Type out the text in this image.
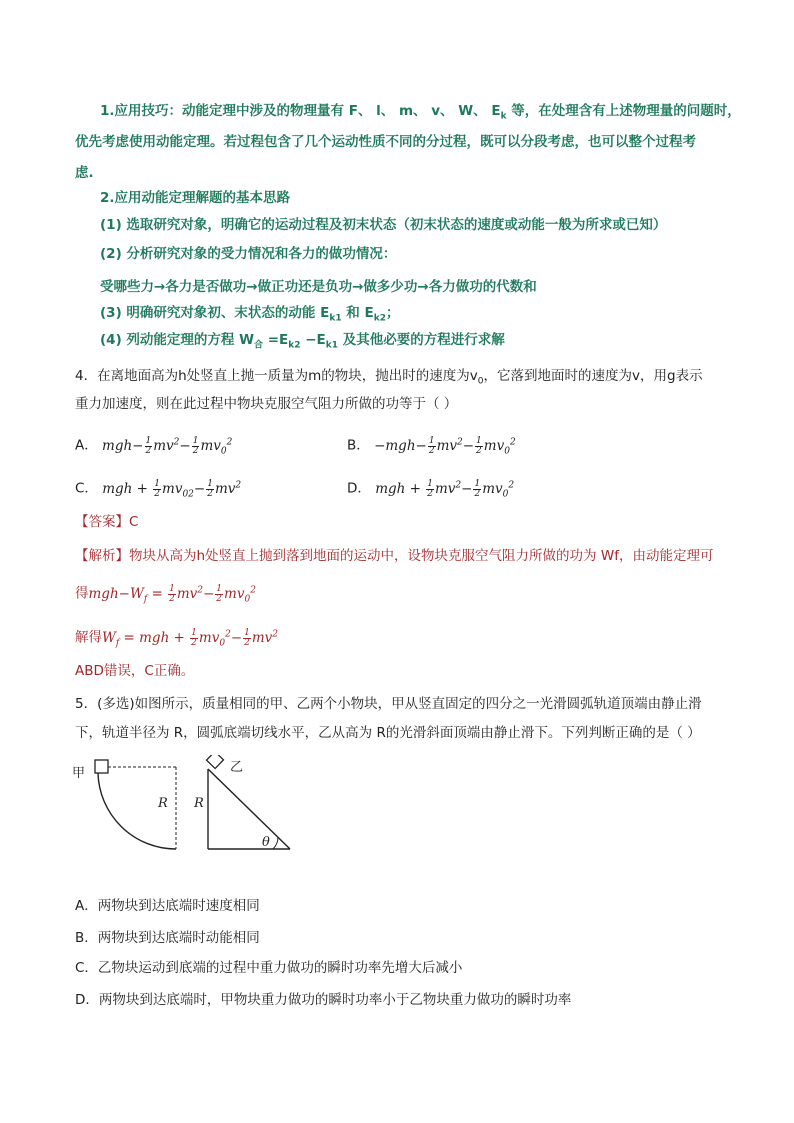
1.应用技巧：动能定理中涉及的物理量有 F、 l、 m、 v、 W、 $E_k$ 等，在处理含有上述物理量的问题时，
优先考虑使用动能定理。若过程包含了几个运动性质不同的分过程，既可以分段考虑，也可以整个过程考
虑.
2.应用动能定理解题的基本思路
(1) 选取研究对象，明确它的运动过程及初末状态（初末状态的速度或动能一般为所求或已知）
(2) 分析研究对象的受力情况和各力的做功情况：
受哪些力→各力是否做功→做正功还是负功→做多少功→各力做功的代数和
(3) 明确研究对象初、末状态的动能 $E_{k1}$ 和 $E_{k2}$；
(4) 列动能定理的方程 $W_合 =E_{k2} -E_{k1}$ 及其他必要的方程进行求解
4．在离地面高为h处竖直上抛一质量为m的物块，抛出时的速度为$v_0$，它落到地面时的速度为v，用g表示
重力加速度，则在此过程中物块克服空气阻力所做的功等于（ ）
A． $mgh- \frac{1}{2} mv^2- \frac{1}{2} mv_0^2$	B． $-mgh- \frac{1}{2} mv^2- \frac{1}{2} mv_0^2$
C． mgh + $\frac{1}{2} mv_{02}- \frac{1}{2} mv^2$	D． mgh + $\frac{1}{2} mv^2- \frac{1}{2} mv_0^2$
【答案】C
【解析】物块从高为h处竖直上抛到落到地面的运动中，设物块克服空气阻力所做的功为 Wf，由动能定理可
得$mgh-W_f = \frac{1}{2} mv^2- \frac{1}{2} mv_0^2$
解得$W_f$ = mgh + $\frac{1}{2} mv_0^2- \frac{1}{2} mv^2$
ABD错误，C正确。
5．(多选)如图所示，质量相同的甲、乙两个小物块，甲从竖直固定的四分之一光滑圆弧轨道顶端由静止滑
下，轨道半径为 R，圆弧底端切线水平，乙从高为 R的光滑斜面顶端由静止滑下。下列判断正确的是（ ）
甲
R
乙
R
θ
A．两物块到达底端时速度相同
B．两物块到达底端时动能相同
C．乙物块运动到底端的过程中重力做功的瞬时功率先增大后减小
D．两物块到达底端时，甲物块重力做功的瞬时功率小于乙物块重力做功的瞬时功率
